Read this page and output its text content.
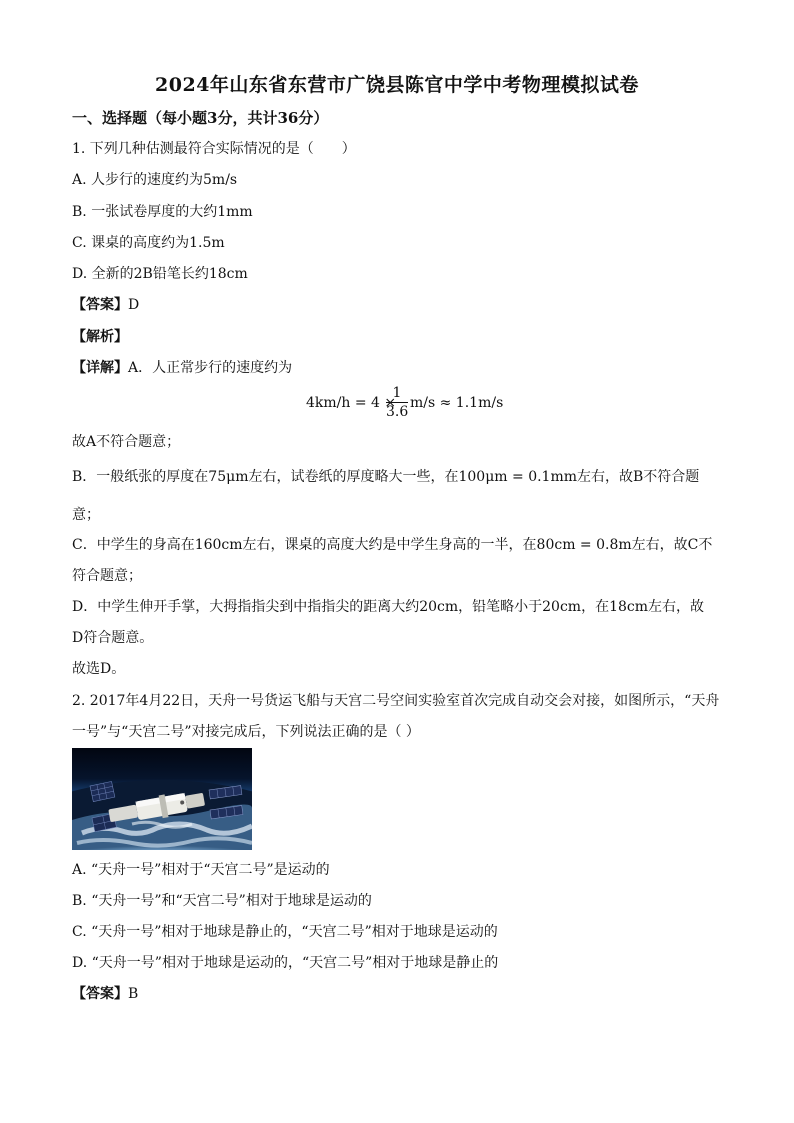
2024年山东省东营市广饶县陈官中学中考物理模拟试卷
一、选择题（每小题3分，共计36分）
1. 下列几种估测最符合实际情况的是（　　）
A. 人步行的速度约为5m/s
B. 一张试卷厚度的大约1mm
C. 课桌的高度约为1.5m
D. 全新的2B铅笔长约18cm
【答案】D
【解析】
【详解】A．人正常步行的速度约为
4km/h = 4 ×
$\frac{1}{3.6} m/s \approx 1.1m/s$
故A不符合题意；
B．一般纸张的厚度在75μm左右，试卷纸的厚度略大一些，在100μm = 0.1mm左右，故B不符合题
意；
C．中学生的身高在160cm左右，课桌的高度大约是中学生身高的一半，在80cm = 0.8m左右，故C不
符合题意；
D．中学生伸开手掌，大拇指指尖到中指指尖的距离大约20cm，铅笔略小于20cm，在18cm左右，故
D符合题意。
故选D。
2. 2017年4月22日，天舟一号货运飞船与天宫二号空间实验室首次完成自动交会对接，如图所示，“天舟
一号”与“天宫二号”对接完成后，下列说法正确的是（ ）
A. “天舟一号”相对于“天宫二号”是运动的
B. “天舟一号”和“天宫二号”相对于地球是运动的
C. “天舟一号”相对于地球是静止的，“天宫二号”相对于地球是运动的
D. “天舟一号”相对于地球是运动的，“天宫二号”相对于地球是静止的
【答案】B
